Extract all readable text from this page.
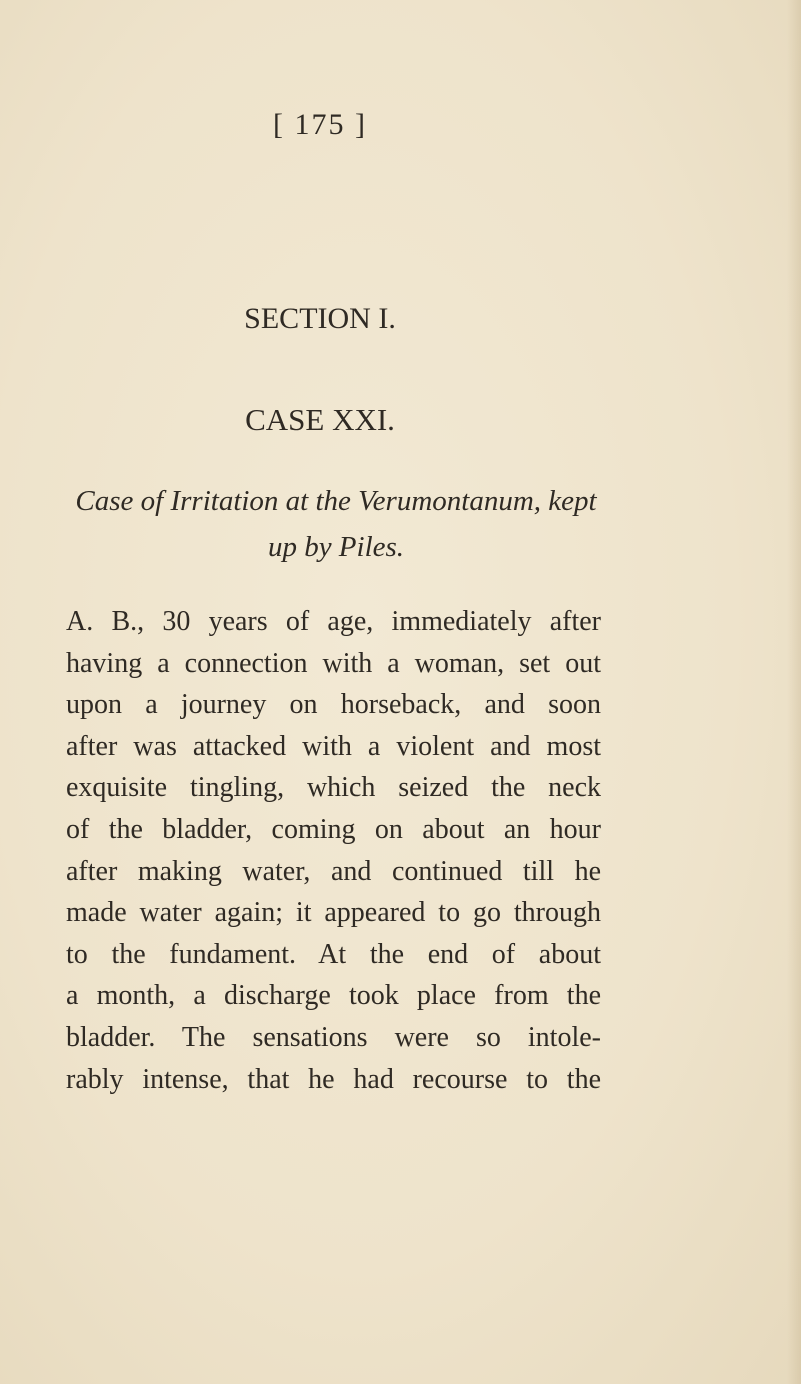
[ 175 ]
SECTION I.
CASE XXI.
Case of Irritation at the Verumontanum, kept
up by Piles.
A. B., 30 years of age, immediately after
having a connection with a woman, set out
upon a journey on horseback, and soon
after was attacked with a violent and most
exquisite tingling, which seized the neck
of the bladder, coming on about an hour
after making water, and continued till he
made water again; it appeared to go through
to the fundament. At the end of about
a month, a discharge took place from the
bladder. The sensations were so intole-
rably intense, that he had recourse to the
